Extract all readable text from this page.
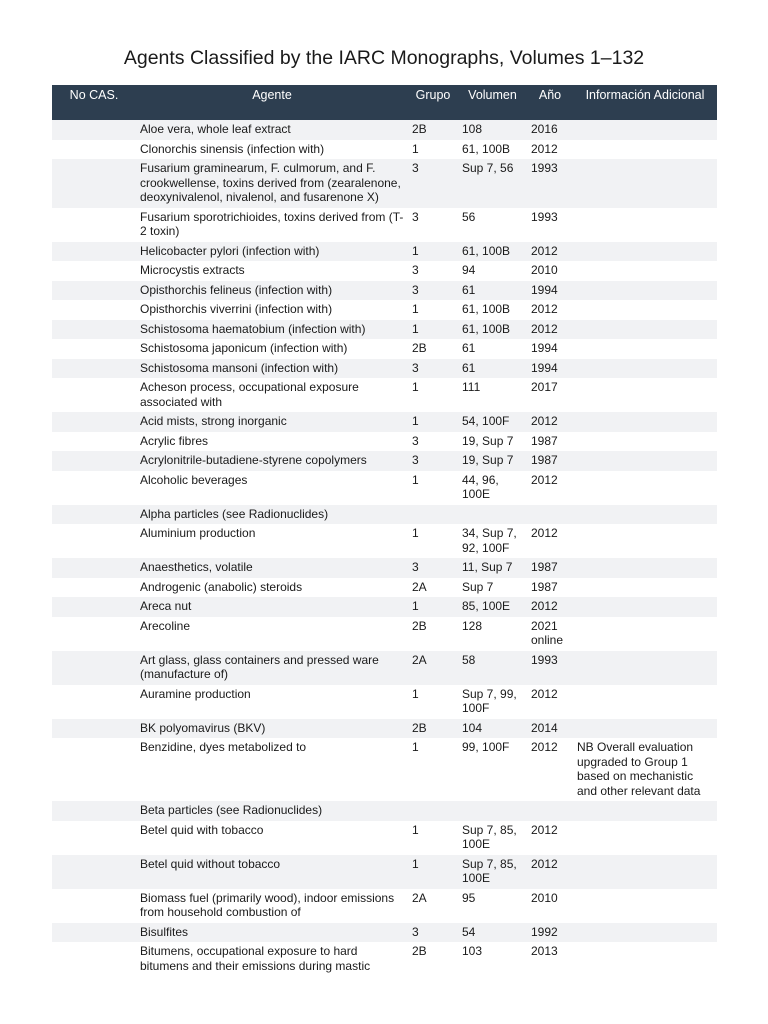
Agents Classified by the IARC Monographs, Volumes 1–132
No CAS.	Agente	Grupo	Volumen	Año	Información Adicional
	Aloe vera, whole leaf extract	2B	108	2016	
	Clonorchis sinensis (infection with)	1	61, 100B	2012	
	Fusarium graminearum, F. culmorum, and F. crookwellense, toxins derived from (zearalenone, deoxynivalenol, nivalenol, and fusarenone X)	3	Sup 7, 56	1993	
	Fusarium sporotrichioides, toxins derived from (T-2 toxin)	3	56	1993	
	Helicobacter pylori (infection with)	1	61, 100B	2012	
	Microcystis extracts	3	94	2010	
	Opisthorchis felineus (infection with)	3	61	1994	
	Opisthorchis viverrini (infection with)	1	61, 100B	2012	
	Schistosoma haematobium (infection with)	1	61, 100B	2012	
	Schistosoma japonicum (infection with)	2B	61	1994	
	Schistosoma mansoni (infection with)	3	61	1994	
	Acheson process, occupational exposure associated with	1	111	2017	
	Acid mists, strong inorganic	1	54, 100F	2012	
	Acrylic fibres	3	19, Sup 7	1987	
	Acrylonitrile-butadiene-styrene copolymers	3	19, Sup 7	1987	
	Alcoholic beverages	1	44, 96, 100E	2012	
	Alpha particles (see Radionuclides)				
	Aluminium production	1	34, Sup 7, 92, 100F	2012	
	Anaesthetics, volatile	3	11, Sup 7	1987	
	Androgenic (anabolic) steroids	2A	Sup 7	1987	
	Areca nut	1	85, 100E	2012	
	Arecoline	2B	128	2021 online	
	Art glass, glass containers and pressed ware (manufacture of)	2A	58	1993	
	Auramine production	1	Sup 7, 99, 100F	2012	
	BK polyomavirus (BKV)	2B	104	2014	
	Benzidine, dyes metabolized to	1	99, 100F	2012	NB Overall evaluation upgraded to Group 1 based on mechanistic and other relevant data
	Beta particles (see Radionuclides)				
	Betel quid with tobacco	1	Sup 7, 85, 100E	2012	
	Betel quid without tobacco	1	Sup 7, 85, 100E	2012	
	Biomass fuel (primarily wood), indoor emissions from household combustion of	2A	95	2010	
	Bisulfites	3	54	1992	
	Bitumens, occupational exposure to hard bitumens and their emissions during mastic	2B	103	2013	
